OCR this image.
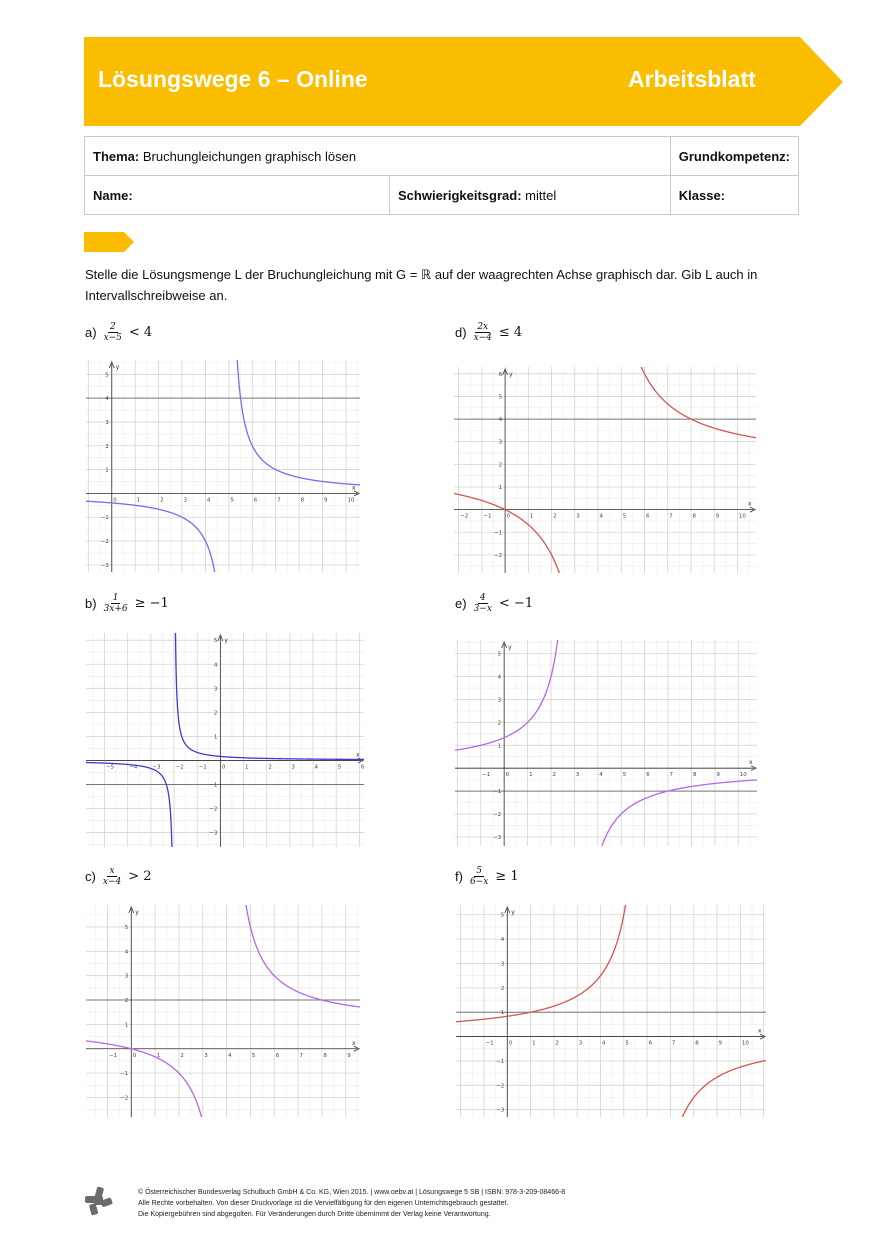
Lösungswege 6 – Online	Arbeitsblatt
Thema: Bruchungleichungen graphisch lösen		Grundkompetenz:
Name:	Schwierigkeitsgrad: mittel	Klasse:
Stelle die Lösungsmenge L der Bruchungleichung mit G = ℝ auf der waagrechten Achse graphisch dar. Gib L auch in Intervallschreibweise an.
$a) \frac{2}{x-5} < 4$	$d) \frac{2x}{x-4} \le 4$
$b) \frac{1}{3x+6} \ge -1$	$e) \frac{4}{3-x} < -1$
$c) \frac{x}{x-4} > 2$	$f) \frac{5}{6-x} \ge 1$
x
y
0	1	2	3	4	5	6	7	8	9	10
−3
−2
−1
1
2
3
4
5
x
y
−2	−1	0	1	2	3	4	5	6	7	8	9	10
−2
−1
1
2
3
4
5
6
x
y
−5	−4	−3	−2	−1	0	1	2	3	4	5	6
−3
−2
−1
1
2
3
4
5
x
y
−1	0	1	2	3	4	5	6	7	8	9	10
−3
−2
−1
1
2
3
4
5
x
y
−1	0	1	2	3	4	5	6	7	8	9
−2
−1
1
2
3
4
5
x
y
−1	0	1	2	3	4	5	6	7	8	9	10
−3
−2
−1
1
2
3
4
5
© Österreichischer Bundesverlag Schulbuch GmbH & Co. KG, Wien 2015. | www.oebv.at | Lösungswege 5 SB | ISBN: 978-3-209-08466-8
Alle Rechte vorbehalten. Von dieser Druckvorlage ist die Vervielfältigung für den eigenen Unterrichtsgebrauch gestattet.
Die Kopiergebühren sind abgegolten. Für Veränderungen durch Dritte übernimmt der Verlag keine Verantwortung.
